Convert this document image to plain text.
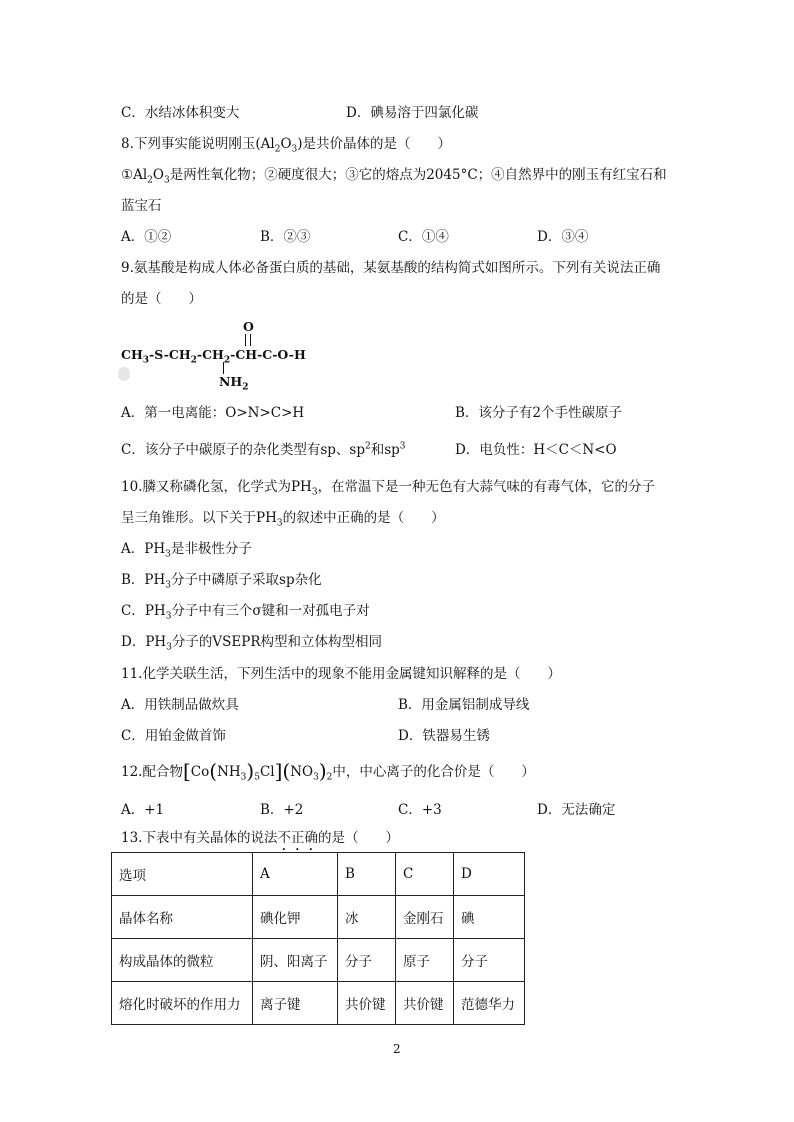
C．水结冰体积变大	D．碘易溶于四氯化碳
8.下列事实能说明刚玉$(Al_2O_3)$是共价晶体的是（　　）
$①Al_2O_3$是两性氧化物；②硬度很大；③它的熔点为2045°C；④自然界中的刚玉有红宝石和
蓝宝石
A．①②	B．②③	C．①④	D．③④
9.氨基酸是构成人体必备蛋白质的基础，某氨基酸的结构简式如图所示。下列有关说法正确
的是（　　）
O
$CH_3-S-CH_2-CH_2-CH-C-O-H$
$NH_2$
A．第一电离能：O>N>C>H	B．该分子有2个手性碳原子
C．该分子中碳原子的杂化类型有sp、$sp^2$和$sp^3$	D．电负性：H＜C＜N<O
10.膦又称磷化氢，化学式为$PH_3$，在常温下是一种无色有大蒜气味的有毒气体，它的分子
呈三角锥形。以下关于$PH_3$的叙述中正确的是（　　）
A．$PH_3$是非极性分子
B．$PH_3$分子中磷原子采取sp杂化
C．$PH_3$分子中有三个σ键和一对孤电子对
D．$PH_3$分子的VSEPR构型和立体构型相同
11.化学关联生活，下列生活中的现象不能用金属键知识解释的是（　　）
A．用铁制品做炊具	B．用金属铝制成导线
C．用铂金做首饰	D．铁器易生锈
12.配合物$[Co(NH_3)_5Cl](NO_3)_2$中，中心离子的化合价是（　　）
A．+1	B．+2	C．+3	D．无法确定
13.下表中有关晶体的说法不正确的是（　　）
选项	A	B	C	D
晶体名称	碘化钾	冰	金刚石	碘
构成晶体的微粒	阴、阳离子	分子	原子	分子
熔化时破坏的作用力	离子键	共价键	共价键	范德华力
2
